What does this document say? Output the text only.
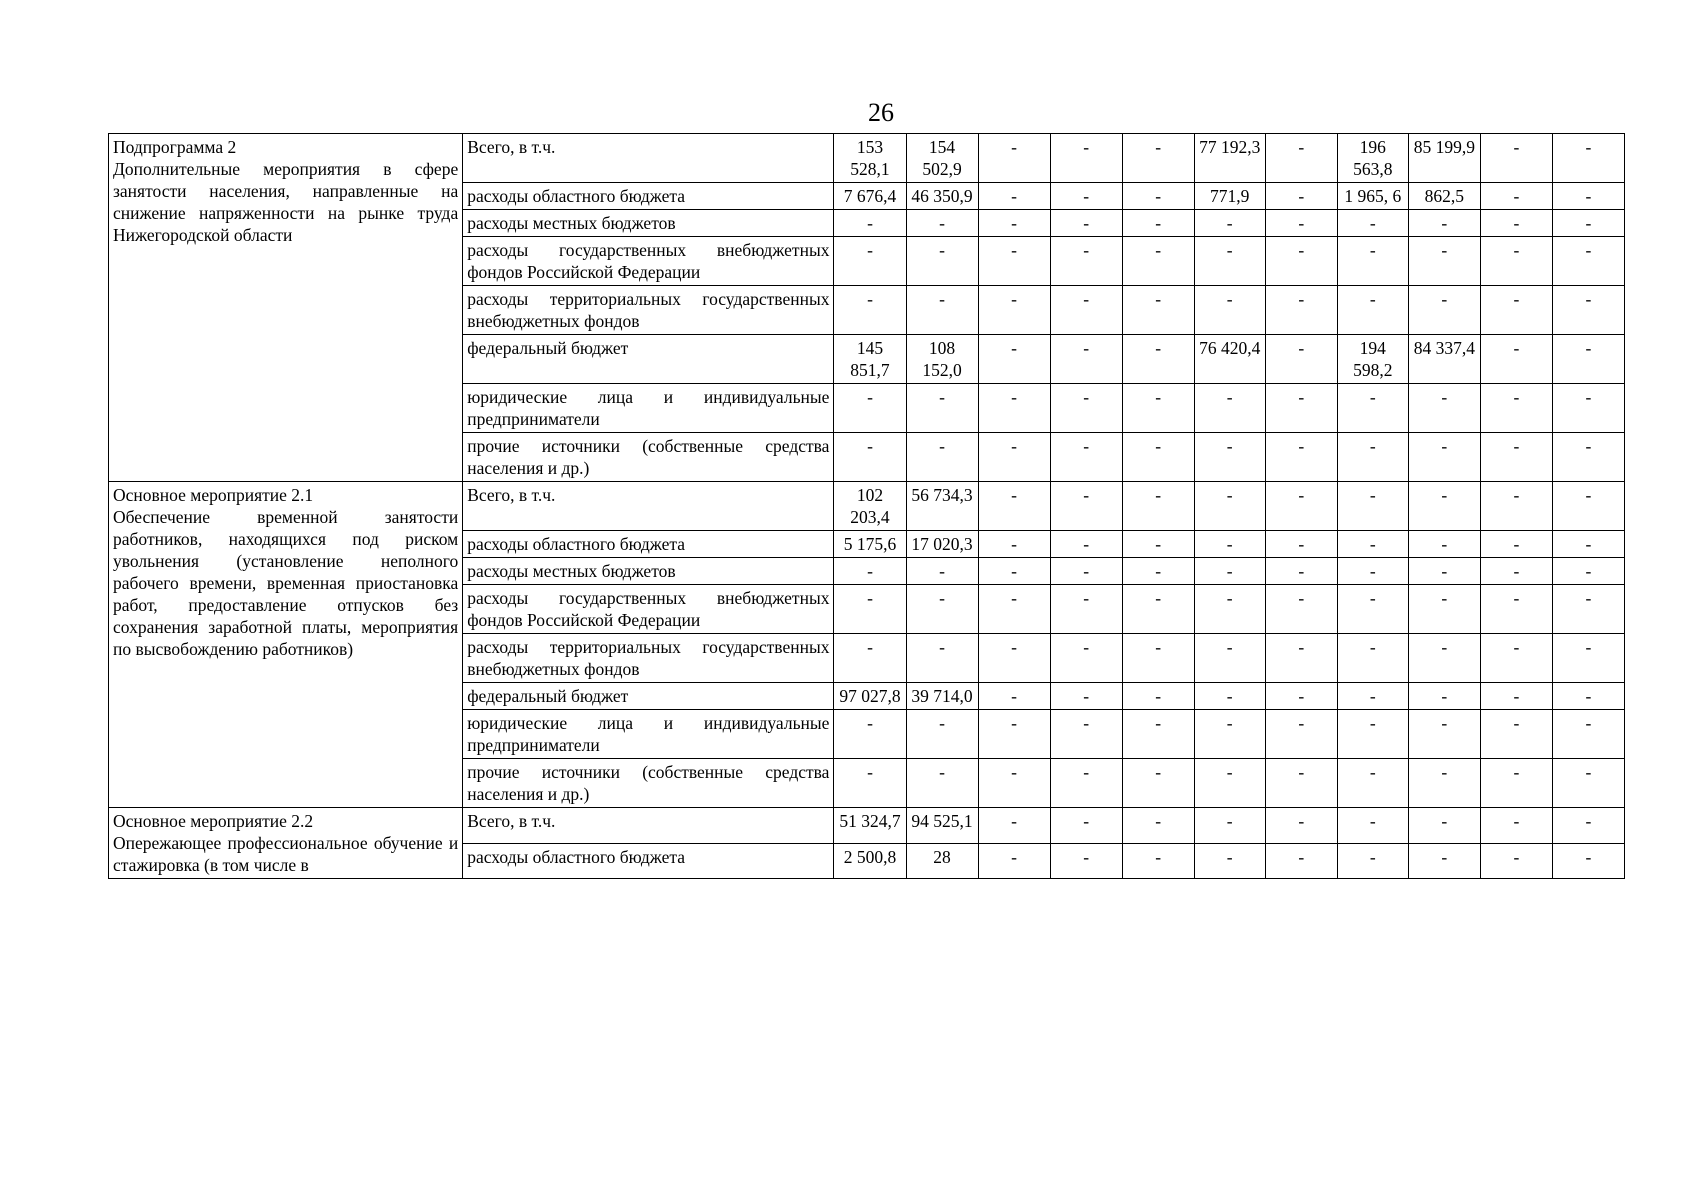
26
Подпрограмма 2
Дополнительные мероприятия в сфере занятости населения, направленные на снижение напряженности на рынке труда Нижегородской области	Всего, в т.ч.	153 528,1	154 502,9	-	-	-	77 192,3	-	196 563,8	85 199,9	-	-
	расходы областного бюджета	7 676,4	46 350,9	-	-	-	771,9	-	1 965, 6	862,5	-	-
	расходы местных бюджетов	-	-	-	-	-	-	-	-	-	-	-
	расходы государственных внебюджетных фондов Российской Федерации	-	-	-	-	-	-	-	-	-	-	-
	расходы территориальных государственных внебюджетных фондов	-	-	-	-	-	-	-	-	-	-	-
	федеральный бюджет	145 851,7	108 152,0	-	-	-	76 420,4	-	194 598,2	84 337,4	-	-
	юридические лица и индивидуальные предприниматели	-	-	-	-	-	-	-	-	-	-	-
	прочие источники (собственные средства населения и др.)	-	-	-	-	-	-	-	-	-	-	-

Основное мероприятие 2.1
Обеспечение временной занятости работников, находящихся под риском увольнения (установление неполного рабочего времени, временная приостановка работ, предоставление отпусков без сохранения заработной платы, мероприятия по высвобождению работников)	Всего, в т.ч.	102 203,4	56 734,3	-	-	-	-	-	-	-	-	-
	расходы областного бюджета	5 175,6	17 020,3	-	-	-	-	-	-	-	-	-
	расходы местных бюджетов	-	-	-	-	-	-	-	-	-	-	-
	расходы государственных внебюджетных фондов Российской Федерации	-	-	-	-	-	-	-	-	-	-	-
	расходы территориальных государственных внебюджетных фондов	-	-	-	-	-	-	-	-	-	-	-
	федеральный бюджет	97 027,8	39 714,0	-	-	-	-	-	-	-	-	-
	юридические лица и индивидуальные предприниматели	-	-	-	-	-	-	-	-	-	-	-
	прочие источники (собственные средства населения и др.)	-	-	-	-	-	-	-	-	-	-	-

Основное мероприятие 2.2
Опережающее профессиональное обучение и стажировка (в том числе в	Всего, в т.ч.	51 324,7	94 525,1	-	-	-	-	-	-	-	-	-
	расходы областного бюджета	2 500,8	28	-	-	-	-	-	-	-	-	-
